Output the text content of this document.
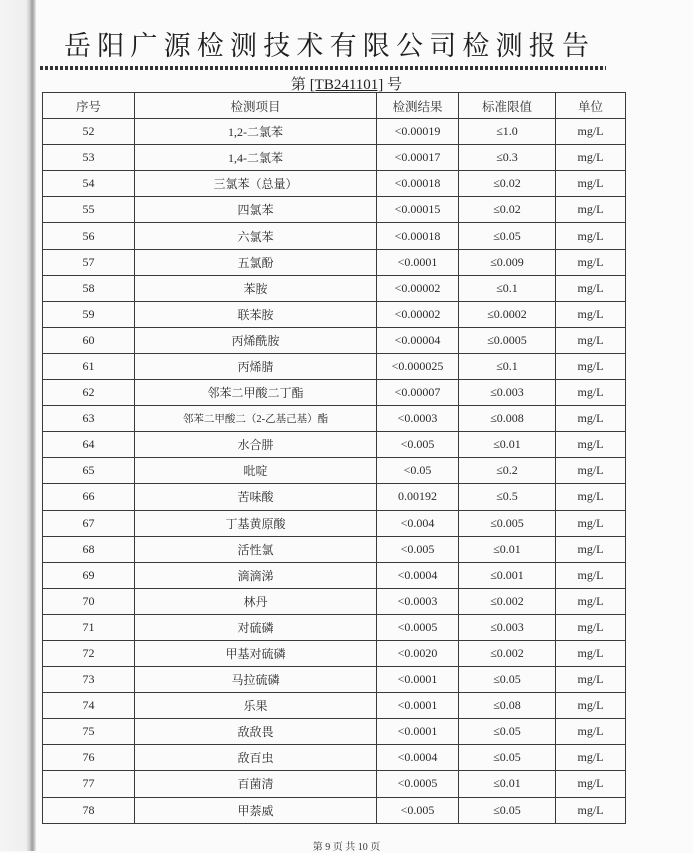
岳阳广源检测技术有限公司检测报告
第 [TB241101] 号
序号	检测项目	检测结果	标准限值	单位
52	1,2-二氯苯	<0.00019	≤1.0	mg/L
53	1,4-二氯苯	<0.00017	≤0.3	mg/L
54	三氯苯（总量）	<0.00018	≤0.02	mg/L
55	四氯苯	<0.00015	≤0.02	mg/L
56	六氯苯	<0.00018	≤0.05	mg/L
57	五氯酚	<0.0001	≤0.009	mg/L
58	苯胺	<0.00002	≤0.1	mg/L
59	联苯胺	<0.00002	≤0.0002	mg/L
60	丙烯酰胺	<0.00004	≤0.0005	mg/L
61	丙烯腈	<0.000025	≤0.1	mg/L
62	邻苯二甲酸二丁酯	<0.00007	≤0.003	mg/L
63	邻苯二甲酸二（2-乙基己基）酯	<0.0003	≤0.008	mg/L
64	水合肼	<0.005	≤0.01	mg/L
65	吡啶	<0.05	≤0.2	mg/L
66	苦味酸	0.00192	≤0.5	mg/L
67	丁基黄原酸	<0.004	≤0.005	mg/L
68	活性氯	<0.005	≤0.01	mg/L
69	滴滴涕	<0.0004	≤0.001	mg/L
70	林丹	<0.0003	≤0.002	mg/L
71	对硫磷	<0.0005	≤0.003	mg/L
72	甲基对硫磷	<0.0020	≤0.002	mg/L
73	马拉硫磷	<0.0001	≤0.05	mg/L
74	乐果	<0.0001	≤0.08	mg/L
75	敌敌畏	<0.0001	≤0.05	mg/L
76	敌百虫	<0.0004	≤0.05	mg/L
77	百菌清	<0.0005	≤0.01	mg/L
78	甲萘威	<0.005	≤0.05	mg/L
第 9 页 共 10 页
